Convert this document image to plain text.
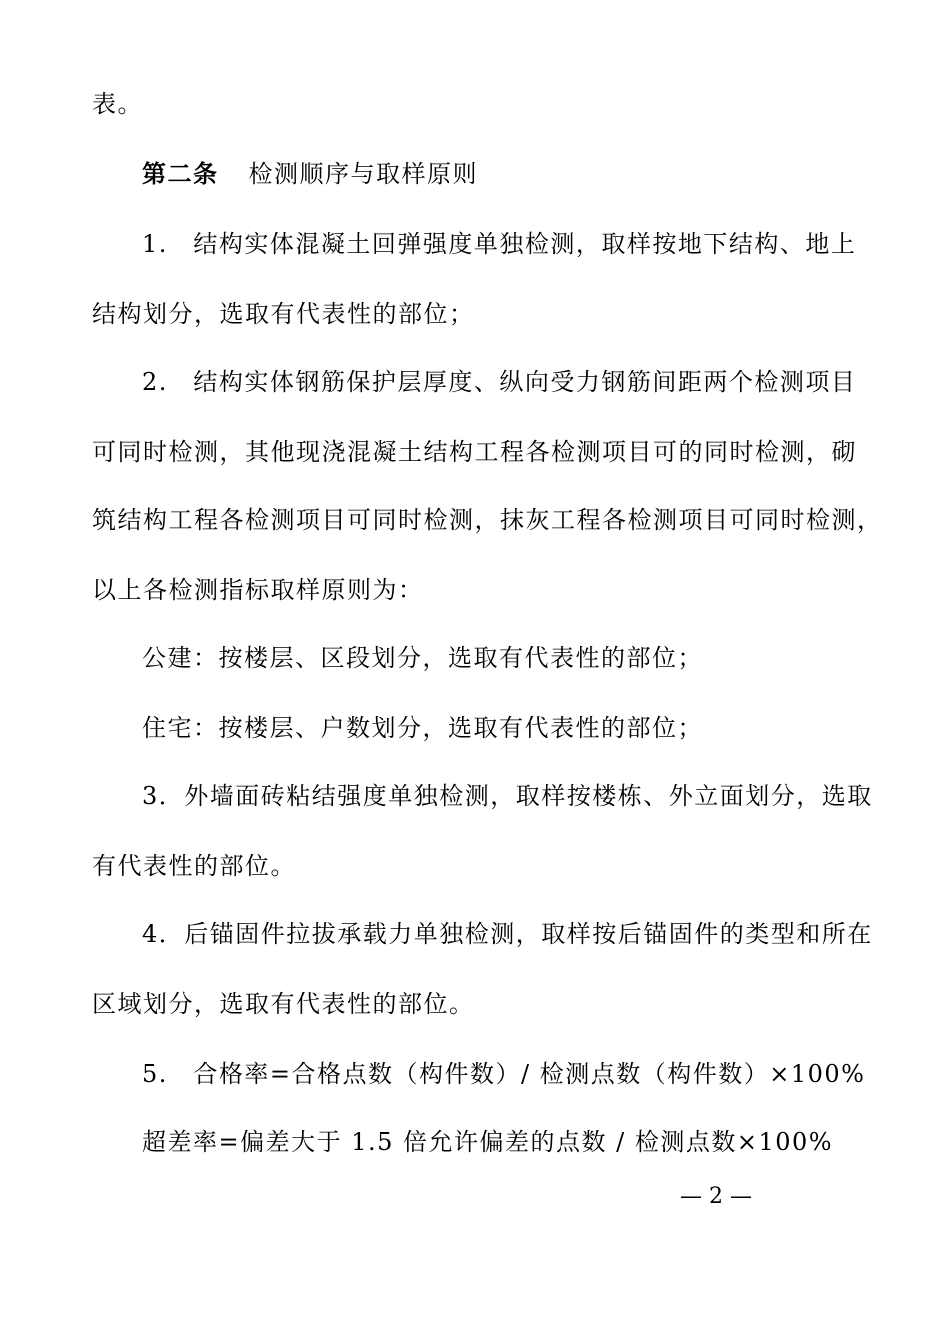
表。
第二条 检测顺序与取样原则
1.　结构实体混凝土回弹强度单独检测，取样按地下结构、地上
结构划分，选取有代表性的部位；
2.　结构实体钢筋保护层厚度、纵向受力钢筋间距两个检测项目
可同时检测，其他现浇混凝土结构工程各检测项目可的同时检测，砌
筑结构工程各检测项目可同时检测，抹灰工程各检测项目可同时检测，
以上各检测指标取样原则为：
公建：按楼层、区段划分，选取有代表性的部位；
住宅：按楼层、户数划分，选取有代表性的部位；
3．外墙面砖粘结强度单独检测，取样按楼栋、外立面划分，选取
有代表性的部位。
4．后锚固件拉拔承载力单独检测，取样按后锚固件的类型和所在
区域划分，选取有代表性的部位。
5.　合格率=合格点数（构件数）/ 检测点数（构件数）×100%
超差率=偏差大于 1.5 倍允许偏差的点数 / 检测点数×100%
— 2 —
